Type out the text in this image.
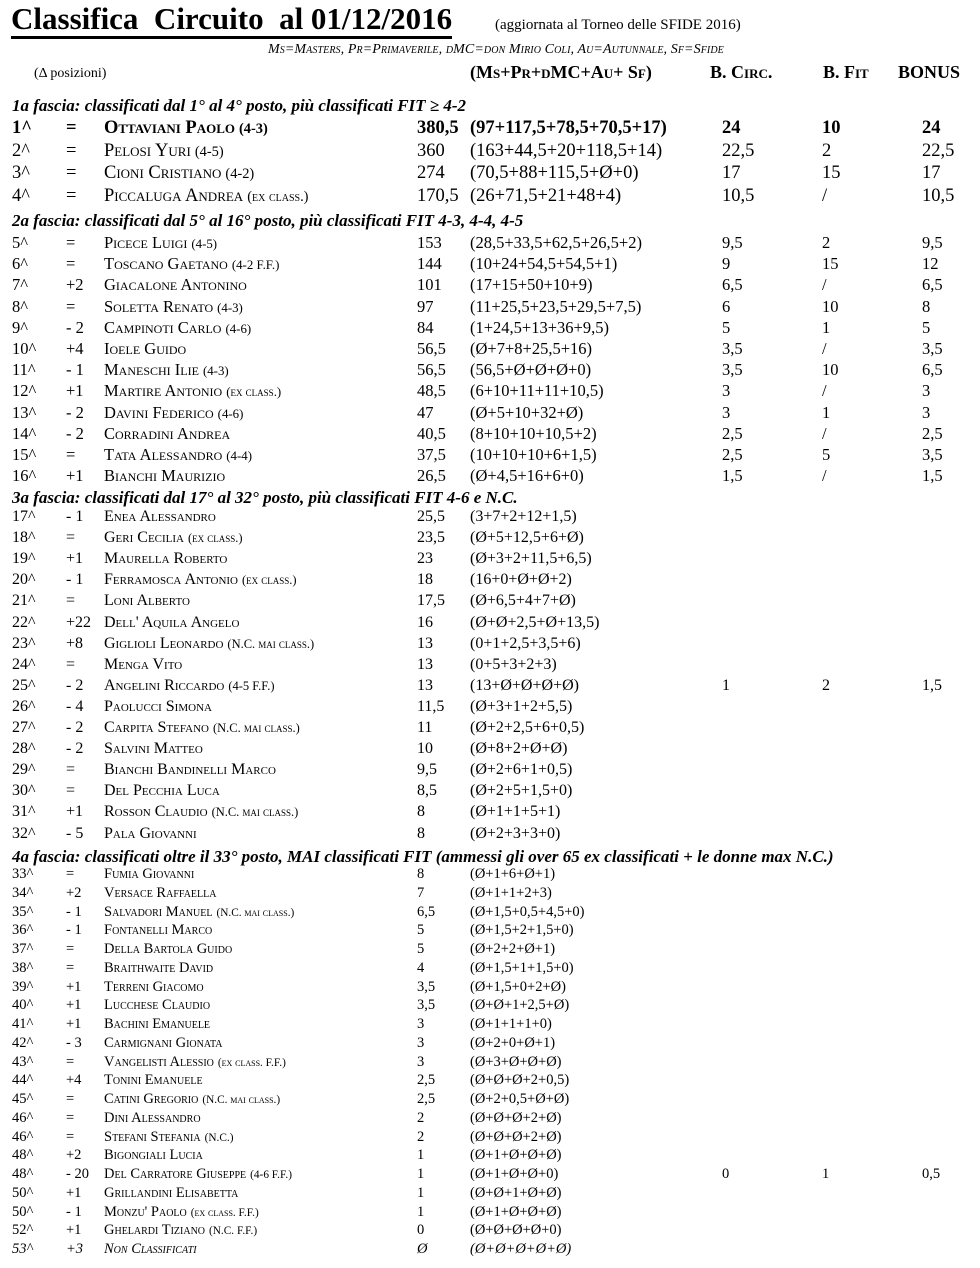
Classifica  Circuito  al 01/12/2016	(aggiornata al Torneo delle SFIDE 2016)
Ms=Masters, Pr=Primaverile, dMC=don Mirio Coli, Au=Autunnale, Sf=Sfide
(Δ posizioni)	(Ms+Pr+dMC+Au+ Sf)	B. Circ.	B. Fit BONUS
1a fascia: classificati dal 1° al 4° posto, più classificati FIT ≥ 4-2
2a fascia: classificati dal 5° al 16° posto, più classificati FIT 4-3, 4-4, 4-5
3a fascia: classificati dal 17° al 32° posto, più classificati FIT 4-6 e N.C.
4a fascia: classificati oltre il 33° posto, MAI classificati FIT (ammessi gli over 65 ex classificati + le donne max N.C.)
1^ = Ottaviani Paolo (4-3)	380,5 (97+117,5+78,5+70,5+17)	24	10	24
2^ = Pelosi Yuri (4-5)	360 (163+44,5+20+118,5+14)	22,5	2	22,5
3^ = Cioni Cristiano (4-2)	274 (70,5+88+115,5+Ø+0)	17	15	17
4^ = Piccaluga Andrea (ex class.)	170,5 (26+71,5+21+48+4)	10,5	/	10,5
5^ = Picece Luigi (4-5)	153 (28,5+33,5+62,5+26,5+2)	9,5	2	9,5
6^ = Toscano Gaetano (4-2 F.F.)	144 (10+24+54,5+54,5+1)	9	15	12
7^ +2 Giacalone Antonino	101 (17+15+50+10+9)	6,5	/	6,5
8^ = Soletta Renato (4-3)	97 (11+25,5+23,5+29,5+7,5)	6	10	8
9^ - 2 Campinoti Carlo (4-6)	84 (1+24,5+13+36+9,5)	5	1	5
10^ +4 Ioele Guido	56,5 (Ø+7+8+25,5+16)	3,5	/	3,5
11^ - 1 Maneschi Ilie (4-3)	56,5 (56,5+Ø+Ø+Ø+0)	3,5	10	6,5
12^ +1 Martire Antonio (ex class.)	48,5 (6+10+11+11+10,5)	3	/	3
13^ - 2 Davini Federico (4-6)	47 (Ø+5+10+32+Ø)	3	1	3
14^ - 2 Corradini Andrea	40,5 (8+10+10+10,5+2)	2,5	/	2,5
15^ = Tata Alessandro (4-4)	37,5 (10+10+10+6+1,5)	2,5	5	3,5
16^ +1 Bianchi Maurizio	26,5 (Ø+4,5+16+6+0)	1,5	/	1,5
17^ - 1 Enea Alessandro	25,5 (3+7+2+12+1,5)
18^ = Geri Cecilia (ex class.)	23,5 (Ø+5+12,5+6+Ø)
19^ +1 Maurella Roberto	23 (Ø+3+2+11,5+6,5)
20^ - 1 Ferramosca Antonio (ex class.)	18 (16+0+Ø+Ø+2)
21^ = Loni Alberto	17,5 (Ø+6,5+4+7+Ø)
22^ +22 Dell' Aquila Angelo	16 (Ø+Ø+2,5+Ø+13,5)
23^ +8 Giglioli Leonardo (N.C. mai class.)	13 (0+1+2,5+3,5+6)
24^ = Menga Vito	13 (0+5+3+2+3)
25^ - 2 Angelini Riccardo (4-5 F.F.)	13 (13+Ø+Ø+Ø+Ø)	1	2	1,5
26^ - 4 Paolucci Simona	11,5 (Ø+3+1+2+5,5)
27^ - 2 Carpita Stefano (N.C. mai class.)	11 (Ø+2+2,5+6+0,5)
28^ - 2 Salvini Matteo	10 (Ø+8+2+Ø+Ø)
29^ = Bianchi Bandinelli Marco	9,5 (Ø+2+6+1+0,5)
30^ = Del Pecchia Luca	8,5 (Ø+2+5+1,5+0)
31^ +1 Rosson Claudio (N.C. mai class.)	8	(Ø+1+1+5+1)
32^ - 5 Pala Giovanni	8	(Ø+2+3+3+0)
33^ = Fumia Giovanni	8	(Ø+1+6+Ø+1)
34^ +2 Versace Raffaella	7	(Ø+1+1+2+3)
35^ - 1 Salvadori Manuel (N.C. mai class.)	6,5 (Ø+1,5+0,5+4,5+0)
36^ - 1 Fontanelli Marco	5	(Ø+1,5+2+1,5+0)
37^ = Della Bartola Guido	5	(Ø+2+2+Ø+1)
38^ = Braithwaite David	4	(Ø+1,5+1+1,5+0)
39^ +1 Terreni Giacomo	3,5 (Ø+1,5+0+2+Ø)
40^ +1 Lucchese Claudio	3,5 (Ø+Ø+1+2,5+Ø)
41^ +1 Bachini Emanuele	3	(Ø+1+1+1+0)
42^ - 3 Carmignani Gionata	3	(Ø+2+0+Ø+1)
43^ = Vangelisti Alessio (ex class. F.F.)	3	(Ø+3+Ø+Ø+Ø)
44^ +4 Tonini Emanuele	2,5 (Ø+Ø+Ø+2+0,5)
45^ = Catini Gregorio (N.C. mai class.)	2,5 (Ø+2+0,5+Ø+Ø)
46^ = Dini Alessandro	2	(Ø+Ø+Ø+2+Ø)
46^ = Stefani Stefania (N.C.)	2	(Ø+Ø+Ø+2+Ø)
48^ +2 Bigongiali Lucia	1	(Ø+1+Ø+Ø+Ø)
48^ - 20 Del Carratore Giuseppe (4-6 F.F.)	1	(Ø+1+Ø+Ø+0)	0	1	0,5
50^ +1 Grillandini Elisabetta	1	(Ø+Ø+1+Ø+Ø)
50^ - 1 Monzu' Paolo (ex class. F.F.)	1	(Ø+1+Ø+Ø+Ø)
52^ +1 Ghelardi Tiziano (N.C. F.F.)	0	(Ø+Ø+Ø+Ø+0)
53^ +3 Non Classificati	Ø	(Ø+Ø+Ø+Ø+Ø)
